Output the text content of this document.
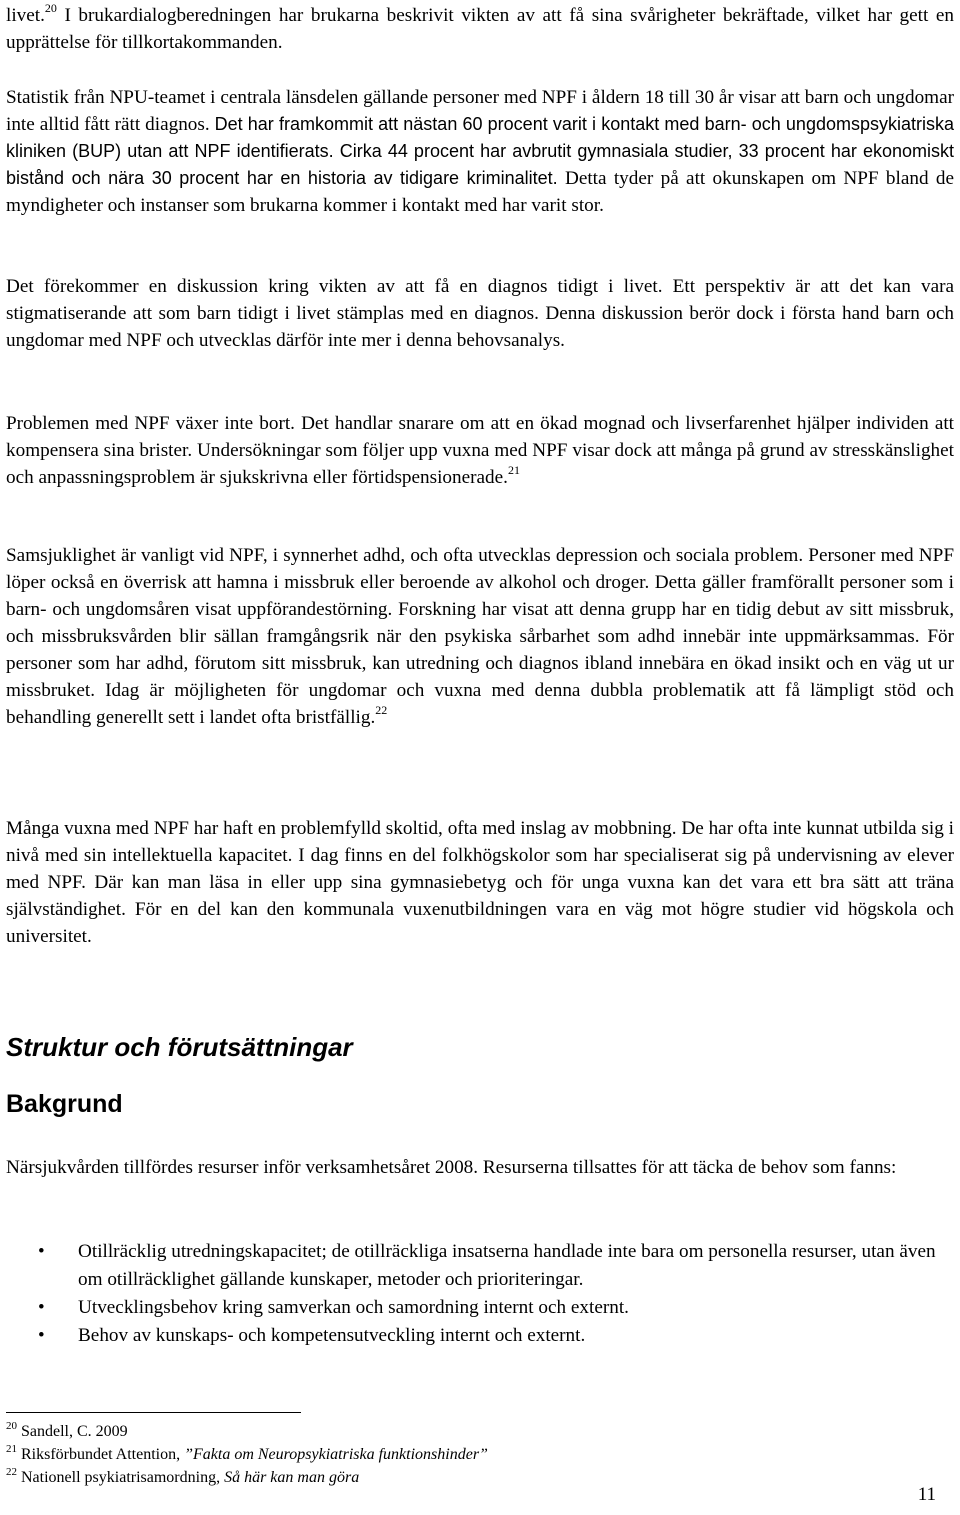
livet.$^{20}$ I brukardialogberedningen har brukarna beskrivit vikten av att få sina svårigheter bekräftade, vilket har gett en upprättelse för tillkortakommanden.

Statistik från NPU-teamet i centrala länsdelen gällande personer med NPF i åldern 18 till 30 år visar att barn och ungdomar inte alltid fått rätt diagnos. Det har framkommit att nästan 60 procent varit i kontakt med barn- och ungdomspsykiatriska kliniken (BUP) utan att NPF identifierats. Cirka 44 procent har avbrutit gymnasiala studier, 33 procent har ekonomiskt bistånd och nära 30 procent har en historia av tidigare kriminalitet. Detta tyder på att okunskapen om NPF bland de myndigheter och instanser som brukarna kommer i kontakt med har varit stor.

Det förekommer en diskussion kring vikten av att få en diagnos tidigt i livet. Ett perspektiv är att det kan vara stigmatiserande att som barn tidigt i livet stämplas med en diagnos. Denna diskussion berör dock i första hand barn och ungdomar med NPF och utvecklas därför inte mer i denna behovsanalys.

Problemen med NPF växer inte bort. Det handlar snarare om att en ökad mognad och livserfarenhet hjälper individen att kompensera sina brister. Undersökningar som följer upp vuxna med NPF visar dock att många på grund av stresskänslighet och anpassningsproblem är sjukskrivna eller förtidspensionerade.$^{21}$

Samsjuklighet är vanligt vid NPF, i synnerhet adhd, och ofta utvecklas depression och sociala problem. Personer med NPF löper också en överrisk att hamna i missbruk eller beroende av alkohol och droger. Detta gäller framförallt personer som i barn- och ungdomsåren visat uppförandestörning. Forskning har visat att denna grupp har en tidig debut av sitt missbruk, och missbruksvården blir sällan framgångsrik när den psykiska sårbarhet som adhd innebär inte uppmärksammas. För personer som har adhd, förutom sitt missbruk, kan utredning och diagnos ibland innebära en ökad insikt och en väg ut ur missbruket. Idag är möjligheten för ungdomar och vuxna med denna dubbla problematik att få lämpligt stöd och behandling generellt sett i landet ofta bristfällig.$^{22}$

Många vuxna med NPF har haft en problemfylld skoltid, ofta med inslag av mobbning. De har ofta inte kunnat utbilda sig i nivå med sin intellektuella kapacitet. I dag finns en del folkhögskolor som har specialiserat sig på undervisning av elever med NPF. Där kan man läsa in eller upp sina gymnasiebetyg och för unga vuxna kan det vara ett bra sätt att träna självständighet. För en del kan den kommunala vuxenutbildningen vara en väg mot högre studier vid högskola och universitet.

Struktur och förutsättningar
Bakgrund

Närsjukvården tillfördes resurser inför verksamhetsåret 2008. Resurserna tillsattes för att täcka de behov som fanns:

• Otillräcklig utredningskapacitet; de otillräckliga insatserna handlade inte bara om personella resurser, utan även om otillräcklighet gällande kunskaper, metoder och prioriteringar.
• Utvecklingsbehov kring samverkan och samordning internt och externt.
• Behov av kunskaps- och kompetensutveckling internt och externt.

$^{20}$ Sandell, C. 2009

$^{21}$ Riksförbundet Attention, ”Fakta om Neuropsykiatriska funktionshinder”

$^{22}$ Nationell psykiatrisamordning, Så här kan man göra

11
